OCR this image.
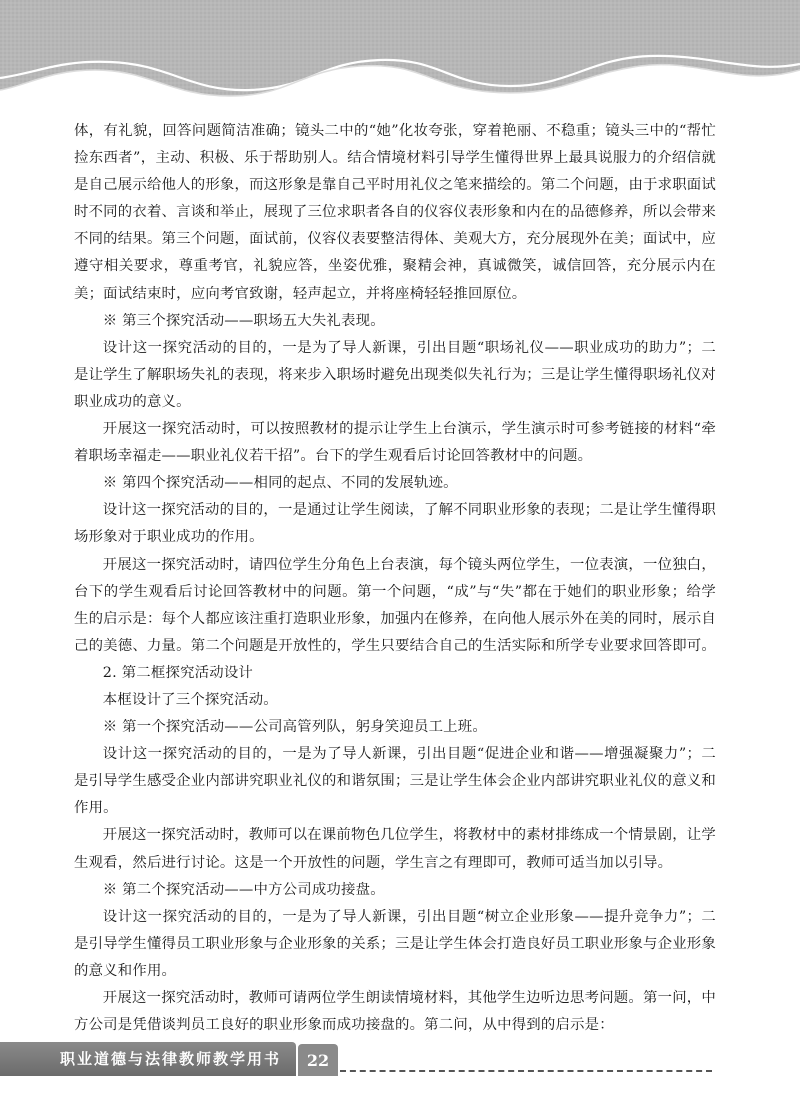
体，有礼貌，回答问题简洁准确；镜头二中的“她”化妆夸张，穿着艳丽、不稳重；镜头三中的“帮忙捡东西者”，主动、积极、乐于帮助别人。结合情境材料引导学生懂得世界上最具说服力的介绍信就是自己展示给他人的形象，而这形象是靠自己平时用礼仪之笔来描绘的。第二个问题，由于求职面试时不同的衣着、言谈和举止，展现了三位求职者各自的仪容仪表形象和内在的品德修养，所以会带来不同的结果。第三个问题，面试前，仪容仪表要整洁得体、美观大方，充分展现外在美；面试中，应遵守相关要求，尊重考官，礼貌应答，坐姿优雅，聚精会神，真诚微笑，诚信回答，充分展示内在美；面试结束时，应向考官致谢，轻声起立，并将座椅轻轻推回原位。

※ 第三个探究活动——职场五大失礼表现。

设计这一探究活动的目的，一是为了导人新课，引出目题“职场礼仪——职业成功的助力”；二是让学生了解职场失礼的表现，将来步入职场时避免出现类似失礼行为；三是让学生懂得职场礼仪对职业成功的意义。

开展这一探究活动时，可以按照教材的提示让学生上台演示，学生演示时可参考链接的材料“牵着职场幸福走——职业礼仪若干招”。台下的学生观看后讨论回答教材中的问题。

※ 第四个探究活动——相同的起点、不同的发展轨迹。

设计这一探究活动的目的，一是通过让学生阅读，了解不同职业形象的表现；二是让学生懂得职场形象对于职业成功的作用。

开展这一探究活动时，请四位学生分角色上台表演，每个镜头两位学生，一位表演，一位独白，台下的学生观看后讨论回答教材中的问题。第一个问题，“成”与“失”都在于她们的职业形象；给学生的启示是：每个人都应该注重打造职业形象，加强内在修养，在向他人展示外在美的同时，展示自己的美德、力量。第二个问题是开放性的，学生只要结合自己的生活实际和所学专业要求回答即可。

2. 第二框探究活动设计

本框设计了三个探究活动。

※ 第一个探究活动——公司高管列队，躬身笑迎员工上班。

设计这一探究活动的目的，一是为了导人新课，引出目题“促进企业和谐——增强凝聚力”；二是引导学生感受企业内部讲究职业礼仪的和谐氛围；三是让学生体会企业内部讲究职业礼仪的意义和作用。

开展这一探究活动时，教师可以在课前物色几位学生，将教材中的素材排练成一个情景剧，让学生观看，然后进行讨论。这是一个开放性的问题，学生言之有理即可，教师可适当加以引导。

※ 第二个探究活动——中方公司成功接盘。

设计这一探究活动的目的，一是为了导人新课，引出目题“树立企业形象——提升竞争力”；二是引导学生懂得员工职业形象与企业形象的关系；三是让学生体会打造良好员工职业形象与企业形象的意义和作用。

开展这一探究活动时，教师可请两位学生朗读情境材料，其他学生边听边思考问题。第一问，中方公司是凭借谈判员工良好的职业形象而成功接盘的。第二问，从中得到的启示是：

职业道德与法律教师教学用书	22
